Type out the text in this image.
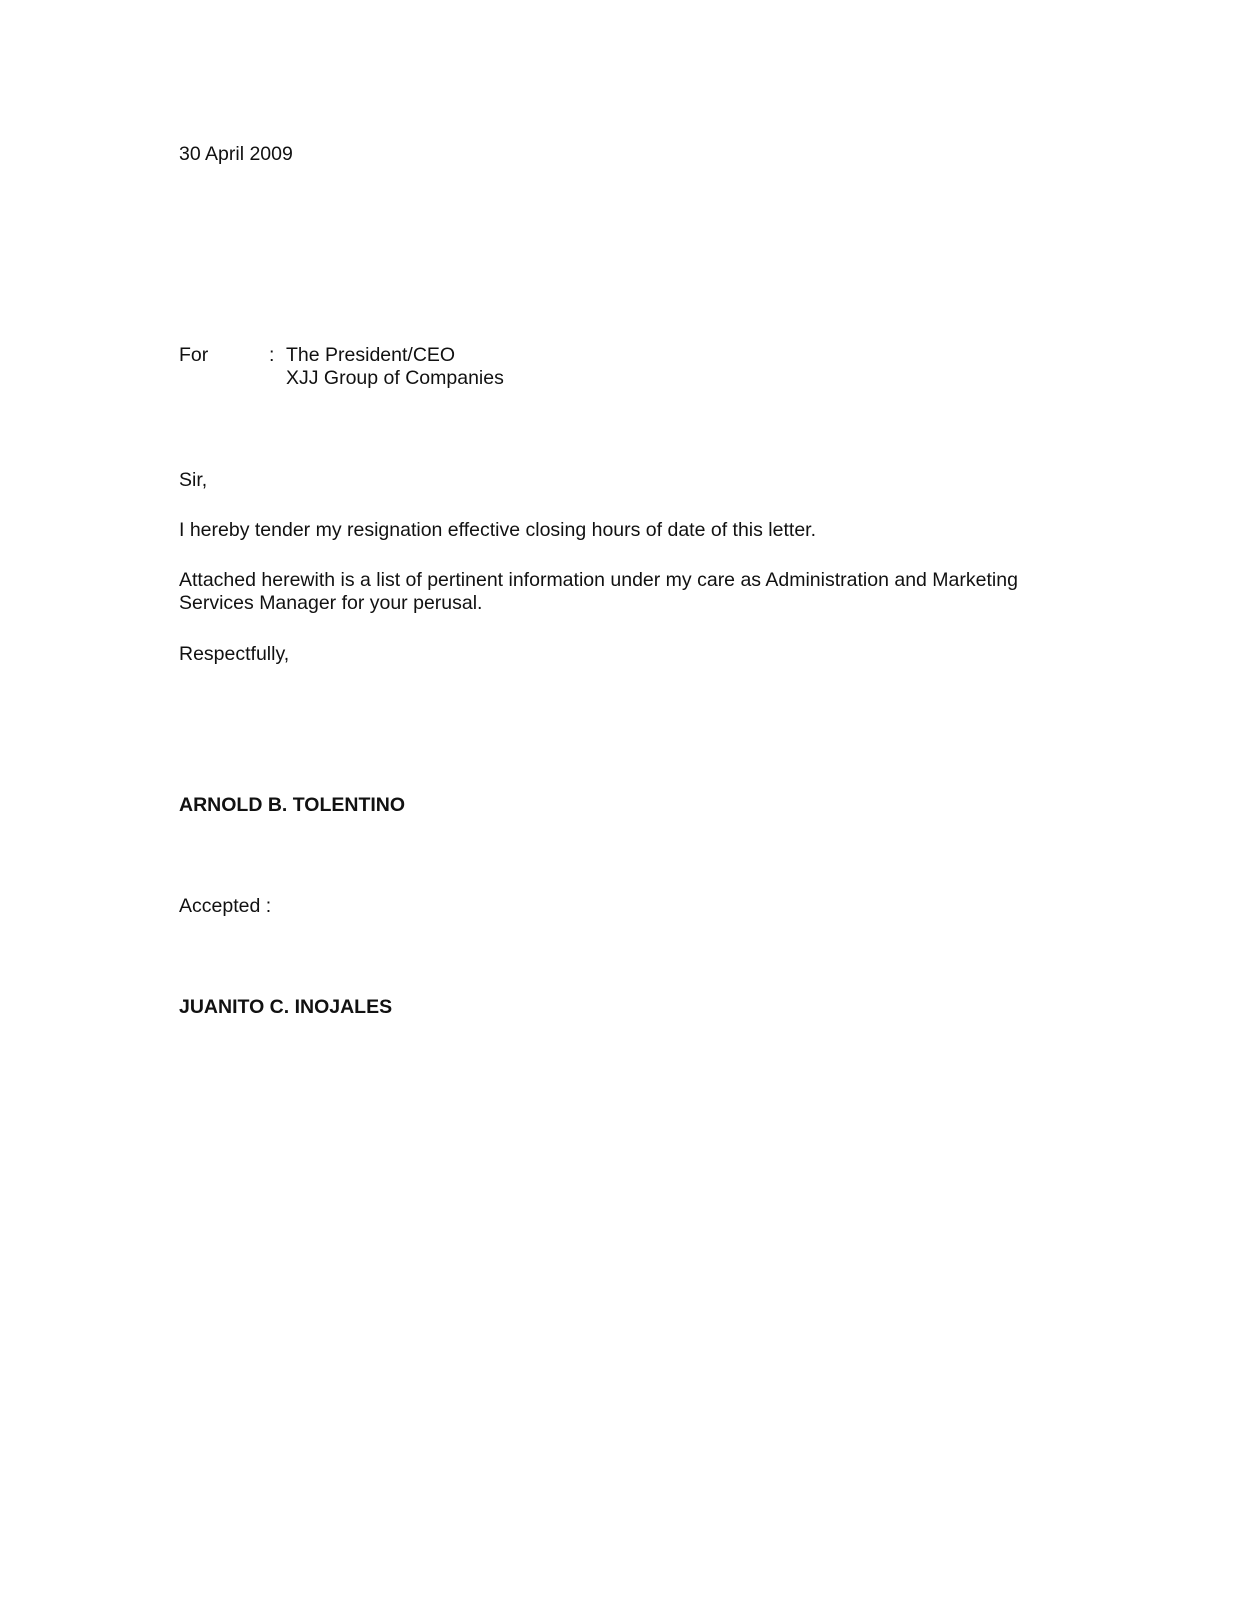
30 April 2009
For	: The President/CEO
XJJ Group of Companies
Sir,
I hereby tender my resignation effective closing hours of date of this letter.
Attached herewith is a list of pertinent information under my care as Administration and Marketing
Services Manager for your perusal.
Respectfully,
ARNOLD B. TOLENTINO
Accepted :
JUANITO C. INOJALES
